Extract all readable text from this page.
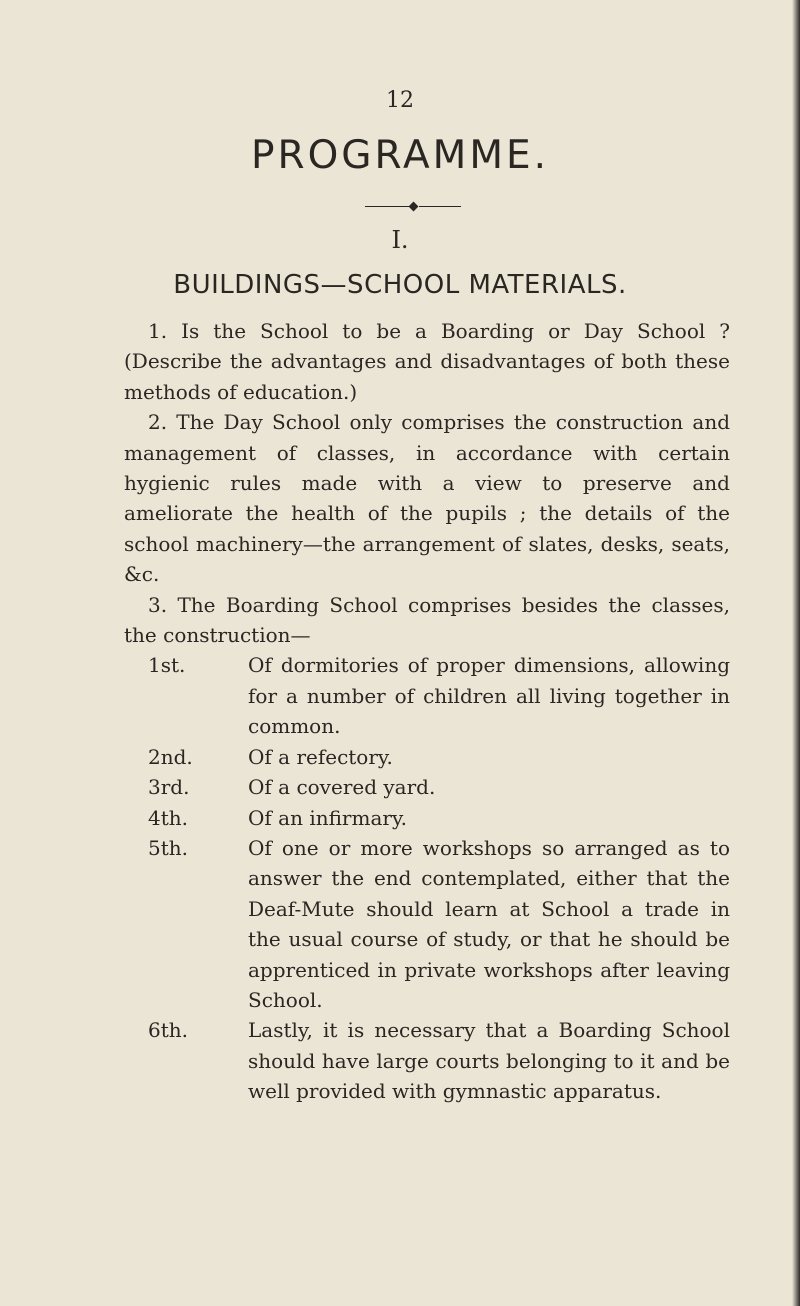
12
PROGRAMME.
I.
BUILDINGS—SCHOOL MATERIALS.

1. Is the School to be a Boarding or Day School ? (Describe the advantages and disadvantages of both these methods of education.)

2. The Day School only comprises the construction and management of classes, in accordance with certain hygienic rules made with a view to preserve and ameliorate the health of the pupils ; the details of the school machinery—the arrangement of slates, desks, seats, &c.

3. The Boarding School comprises besides the classes, the construction—

1st.	Of dormitories of proper dimensions, allowing for a number of children all living together in common.

2nd.	Of a refectory.

3rd.	Of a covered yard.

4th.	Of an infirmary.

5th.	Of one or more workshops so arranged as to answer the end contemplated, either that the Deaf-Mute should learn at School a trade in the usual course of study, or that he should be apprenticed in private workshops after leaving School.

6th.	Lastly, it is necessary that a Boarding School should have large courts belonging to it and be well provided with gymnastic apparatus.
